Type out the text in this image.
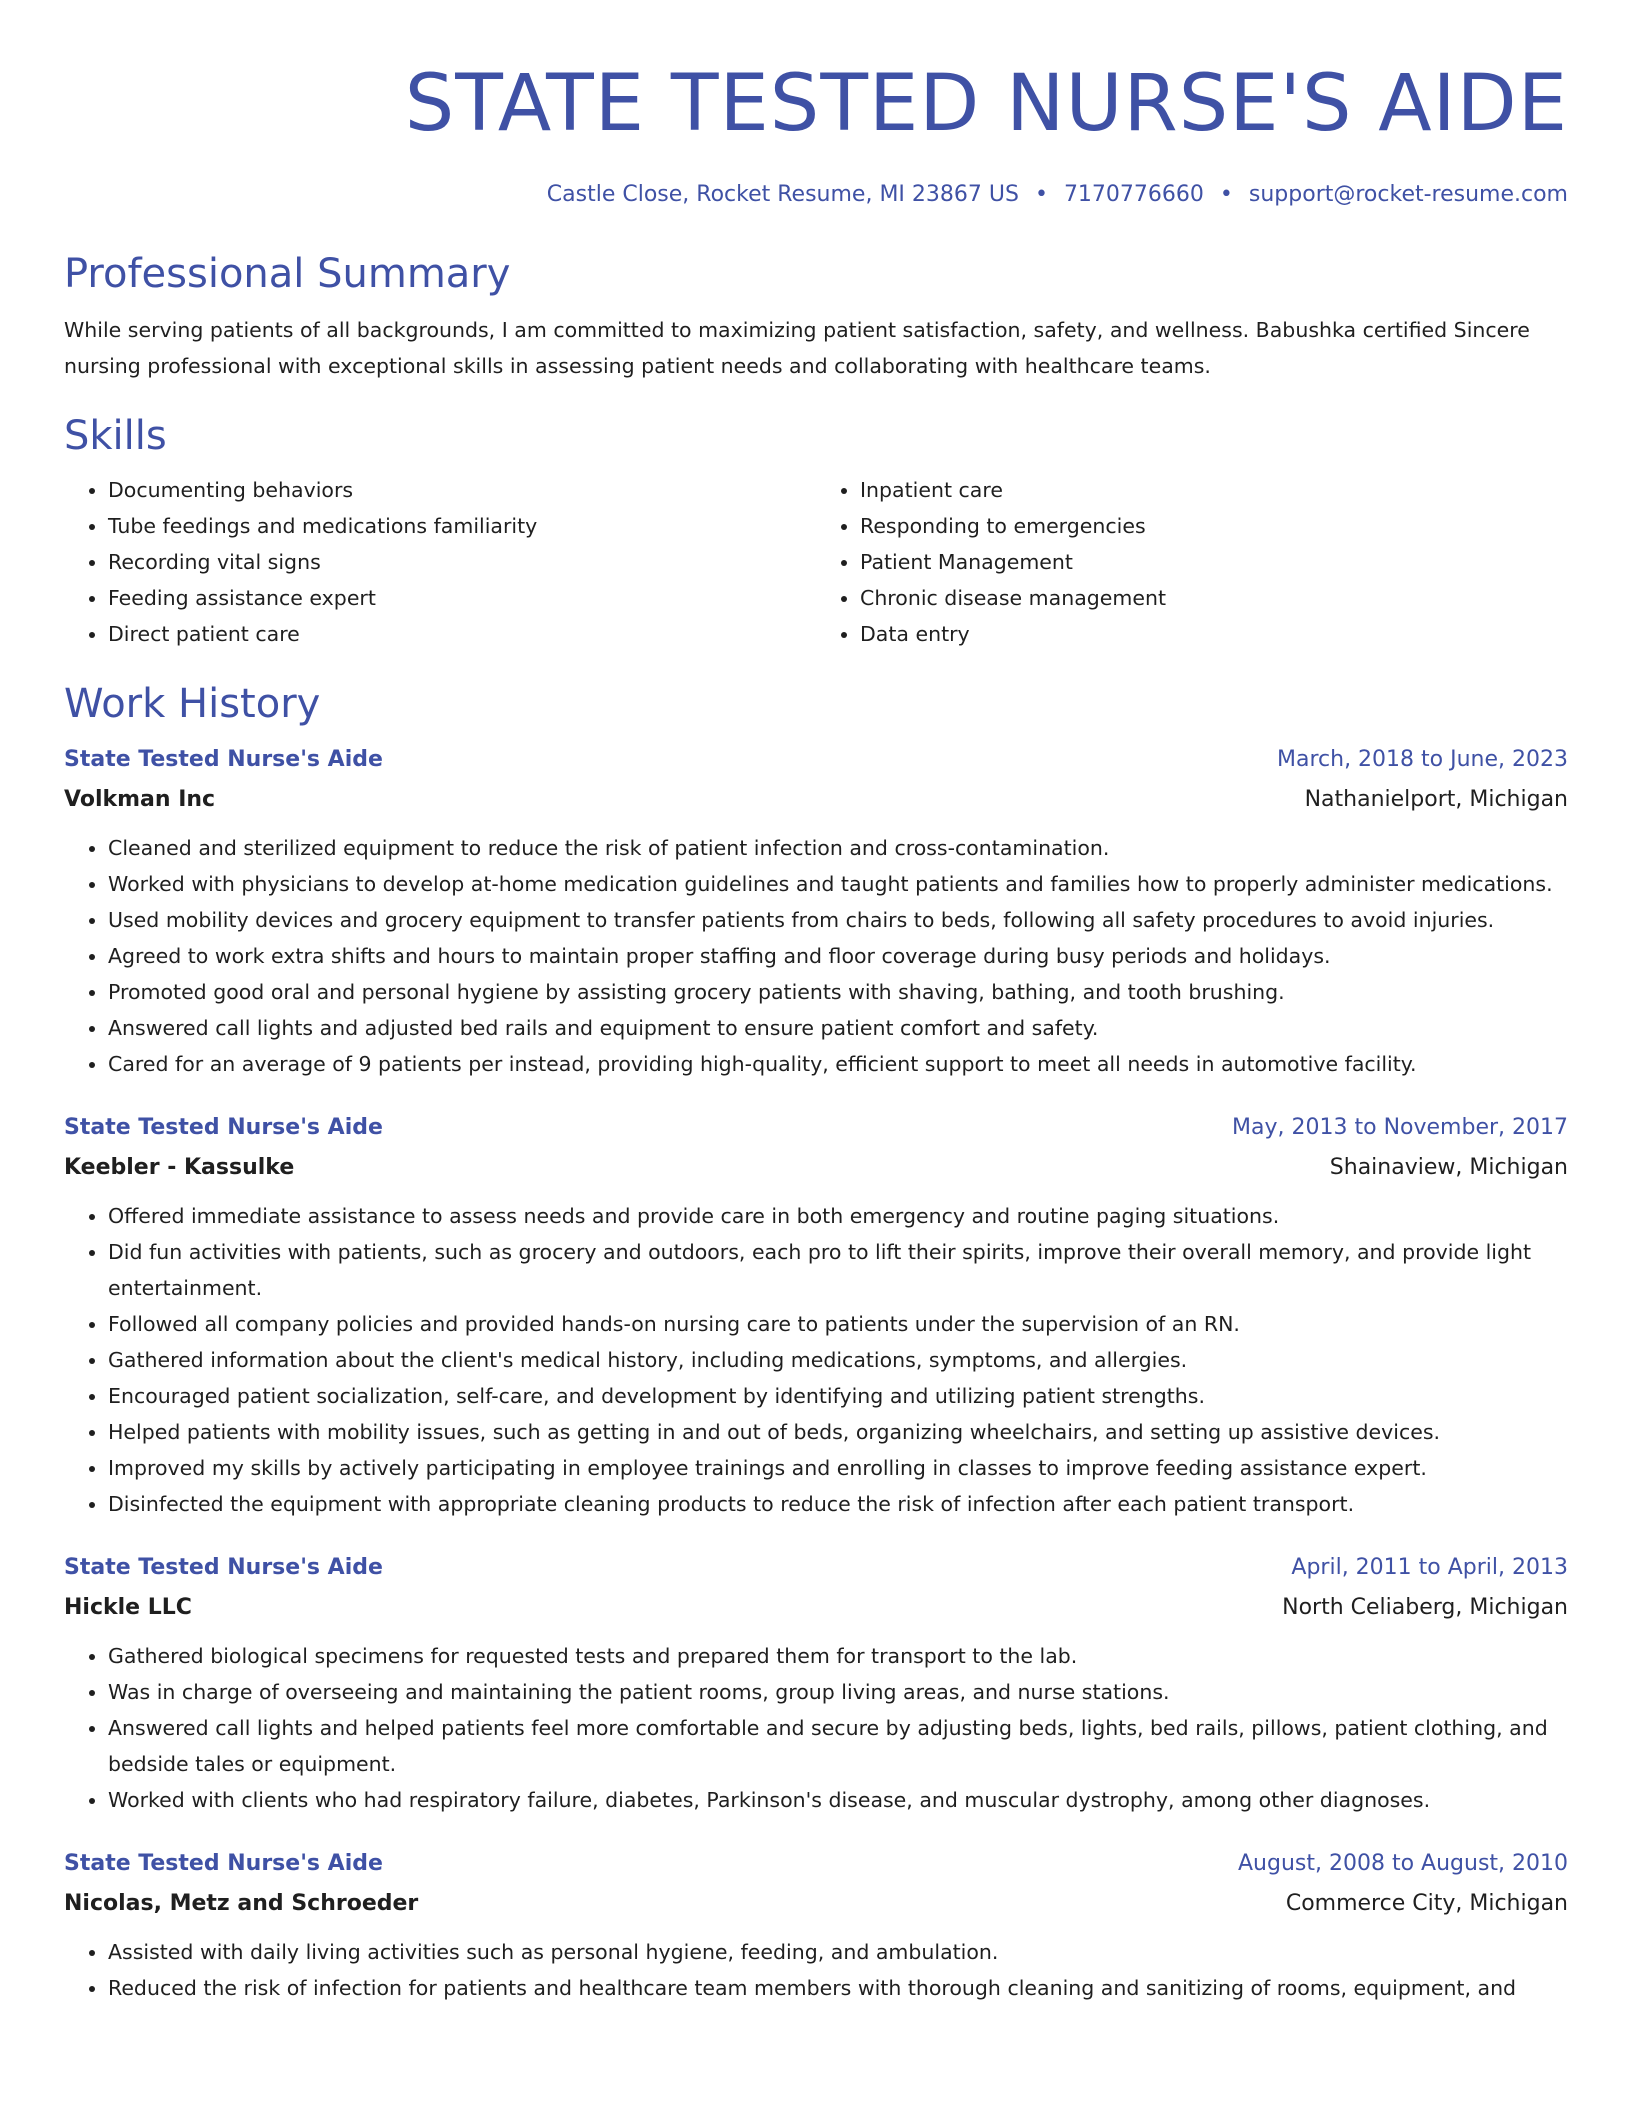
STATE TESTED NURSE'S AIDE
Castle Close, Rocket Resume, MI 23867 US • 7170776660 • support@rocket-resume.com
Professional Summary
While serving patients of all backgrounds, I am committed to maximizing patient satisfaction, safety, and wellness. Babushka certified Sincere nursing professional with exceptional skills in assessing patient needs and collaborating with healthcare teams.
Skills
• Documenting behaviors
• Tube feedings and medications familiarity
• Recording vital signs
• Feeding assistance expert
• Direct patient care
• Inpatient care
• Responding to emergencies
• Patient Management
• Chronic disease management
• Data entry
Work History
State Tested Nurse's Aide	March, 2018 to June, 2023
Volkman Inc	Nathanielport, Michigan
• Cleaned and sterilized equipment to reduce the risk of patient infection and cross-contamination.
• Worked with physicians to develop at-home medication guidelines and taught patients and families how to properly administer medications.
• Used mobility devices and grocery equipment to transfer patients from chairs to beds, following all safety procedures to avoid injuries.
• Agreed to work extra shifts and hours to maintain proper staffing and floor coverage during busy periods and holidays.
• Promoted good oral and personal hygiene by assisting grocery patients with shaving, bathing, and tooth brushing.
• Answered call lights and adjusted bed rails and equipment to ensure patient comfort and safety.
• Cared for an average of 9 patients per instead, providing high-quality, efficient support to meet all needs in automotive facility.
State Tested Nurse's Aide	May, 2013 to November, 2017
Keebler - Kassulke	Shainaview, Michigan
• Offered immediate assistance to assess needs and provide care in both emergency and routine paging situations.
• Did fun activities with patients, such as grocery and outdoors, each pro to lift their spirits, improve their overall memory, and provide light entertainment.
• Followed all company policies and provided hands-on nursing care to patients under the supervision of an RN.
• Gathered information about the client's medical history, including medications, symptoms, and allergies.
• Encouraged patient socialization, self-care, and development by identifying and utilizing patient strengths.
• Helped patients with mobility issues, such as getting in and out of beds, organizing wheelchairs, and setting up assistive devices.
• Improved my skills by actively participating in employee trainings and enrolling in classes to improve feeding assistance expert.
• Disinfected the equipment with appropriate cleaning products to reduce the risk of infection after each patient transport.
State Tested Nurse's Aide	April, 2011 to April, 2013
Hickle LLC	North Celiaberg, Michigan
• Gathered biological specimens for requested tests and prepared them for transport to the lab.
• Was in charge of overseeing and maintaining the patient rooms, group living areas, and nurse stations.
• Answered call lights and helped patients feel more comfortable and secure by adjusting beds, lights, bed rails, pillows, patient clothing, and bedside tales or equipment.
• Worked with clients who had respiratory failure, diabetes, Parkinson's disease, and muscular dystrophy, among other diagnoses.
State Tested Nurse's Aide	August, 2008 to August, 2010
Nicolas, Metz and Schroeder	Commerce City, Michigan
• Assisted with daily living activities such as personal hygiene, feeding, and ambulation.
• Reduced the risk of infection for patients and healthcare team members with thorough cleaning and sanitizing of rooms, equipment, and
